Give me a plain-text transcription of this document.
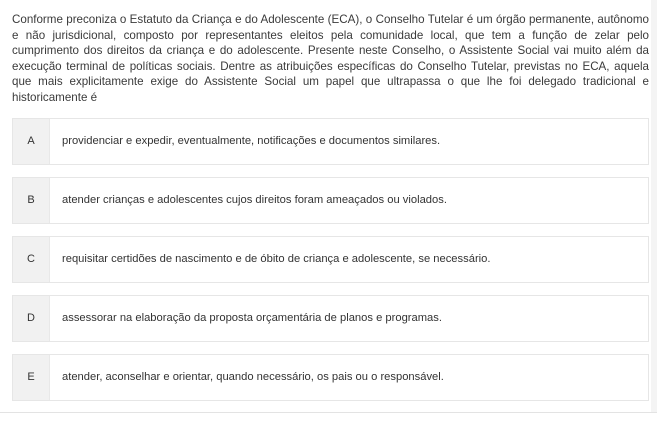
Conforme preconiza o Estatuto da Criança e do Adolescente (ECA), o Conselho Tutelar é um órgão permanente, autônomo e não jurisdicional, composto por representantes eleitos pela comunidade local, que tem a função de zelar pelo cumprimento dos direitos da criança e do adolescente. Presente neste Conselho, o Assistente Social vai muito além da execução terminal de políticas sociais. Dentre as atribuições específicas do Conselho Tutelar, previstas no ECA, aquela que mais explicitamente exige do Assistente Social um papel que ultrapassa o que lhe foi delegado tradicional e historicamente é

A	providenciar e expedir, eventualmente, notificações e documentos similares.
B	atender crianças e adolescentes cujos direitos foram ameaçados ou violados.
C	requisitar certidões de nascimento e de óbito de criança e adolescente, se necessário.
D	assessorar na elaboração da proposta orçamentária de planos e programas.
E	atender, aconselhar e orientar, quando necessário, os pais ou o responsável.
